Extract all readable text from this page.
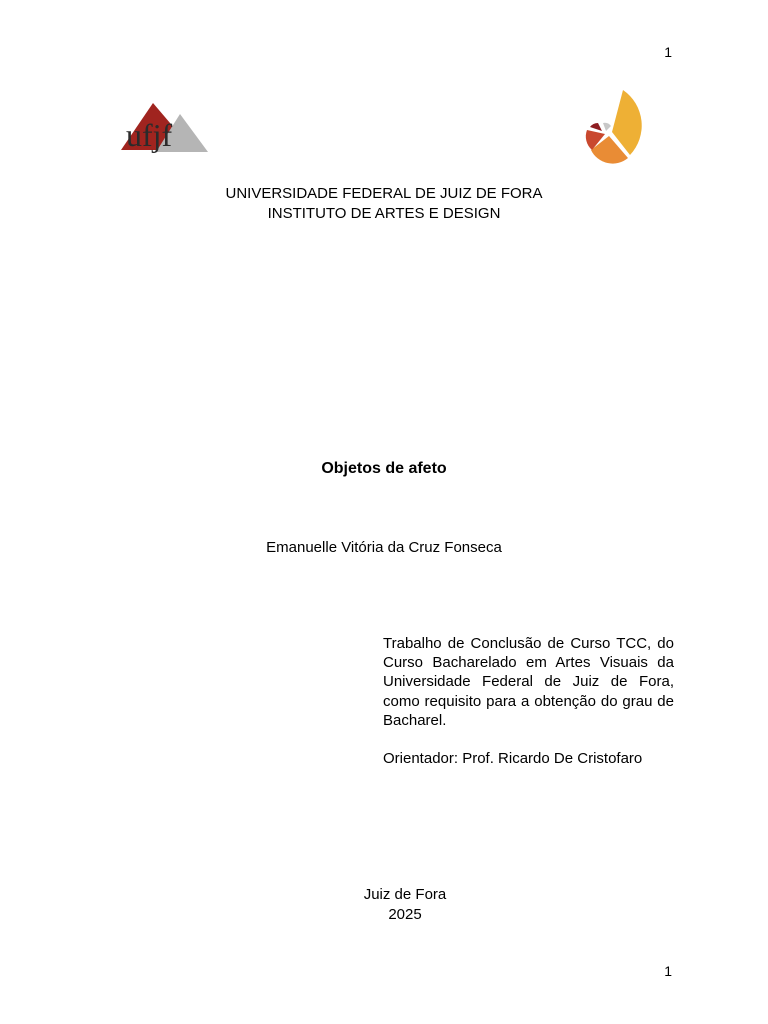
1
ufjf
UNIVERSIDADE FEDERAL DE JUIZ DE FORA
INSTITUTO DE ARTES E DESIGN
Objetos de afeto
Emanuelle Vitória da Cruz Fonseca
Trabalho de Conclusão de Curso TCC, do Curso Bacharelado em Artes Visuais da Universidade Federal de Juiz de Fora, como requisito para a obtenção do grau de Bacharel.
Orientador: Prof. Ricardo De Cristofaro
Juiz de Fora
2025
1
